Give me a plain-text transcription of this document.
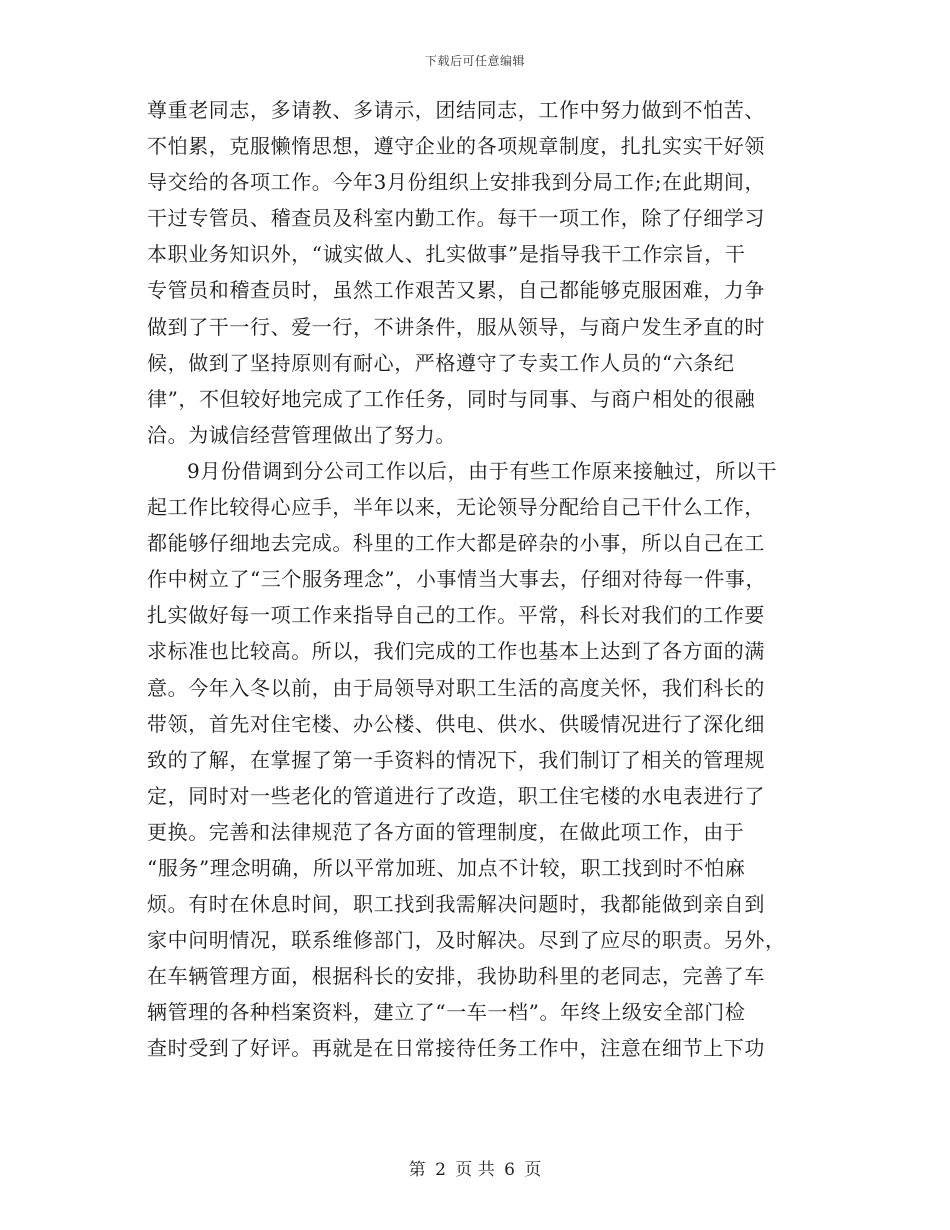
下载后可任意编辑
尊重老同志，多请教、多请示，团结同志，工作中努力做到不怕苦、
不怕累，克服懒惰思想，遵守企业的各项规章制度，扎扎实实干好领
导交给的各项工作。今年3月份组织上安排我到分局工作;在此期间，
干过专管员、稽查员及科室内勤工作。每干一项工作，除了仔细学习
本职业务知识外，“诚实做人、扎实做事”是指导我干工作宗旨，干
专管员和稽查员时，虽然工作艰苦又累，自己都能够克服困难，力争
做到了干一行、爱一行，不讲条件，服从领导，与商户发生矛直的时
候，做到了坚持原则有耐心，严格遵守了专卖工作人员的“六条纪
律”，不但较好地完成了工作任务，同时与同事、与商户相处的很融
洽。为诚信经营管理做出了努力。
9月份借调到分公司工作以后，由于有些工作原来接触过，所以干
起工作比较得心应手，半年以来，无论领导分配给自己干什么工作，
都能够仔细地去完成。科里的工作大都是碎杂的小事，所以自己在工
作中树立了“三个服务理念”，小事情当大事去，仔细对待每一件事，
扎实做好每一项工作来指导自己的工作。平常，科长对我们的工作要
求标准也比较高。所以，我们完成的工作也基本上达到了各方面的满
意。今年入冬以前，由于局领导对职工生活的高度关怀，我们科长的
带领，首先对住宅楼、办公楼、供电、供水、供暖情况进行了深化细
致的了解，在掌握了第一手资料的情况下，我们制订了相关的管理规
定，同时对一些老化的管道进行了改造，职工住宅楼的水电表进行了
更换。完善和法律规范了各方面的管理制度，在做此项工作，由于
“服务”理念明确，所以平常加班、加点不计较，职工找到时不怕麻
烦。有时在休息时间，职工找到我需解决问题时，我都能做到亲自到
家中问明情况，联系维修部门，及时解决。尽到了应尽的职责。另外，
在车辆管理方面，根据科长的安排，我协助科里的老同志，完善了车
辆管理的各种档案资料，建立了“一车一档”。年终上级安全部门检
查时受到了好评。再就是在日常接待任务工作中，注意在细节上下功
第 2 页 共 6 页
